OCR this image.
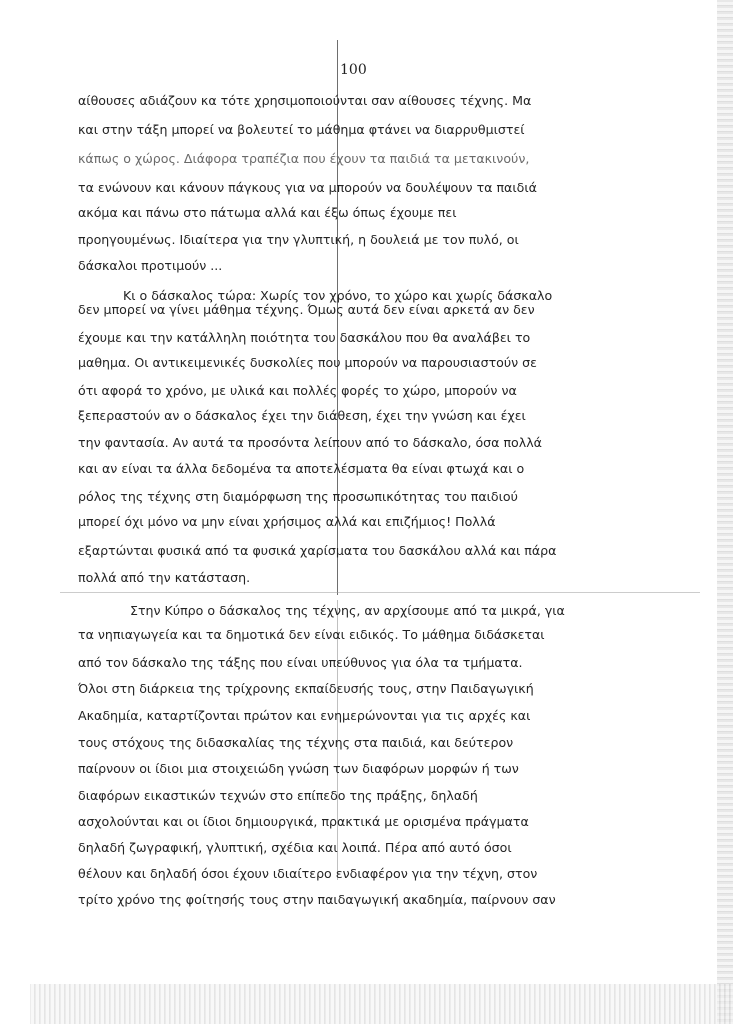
100
αίθουσες αδιάζουν κα τότε χρησιμοποιούνται σαν αίθουσες τέχνης. Μα
και στην τάξη μπορεί να βολευτεί το μάθημα φτάνει να διαρρυθμιστεί
κάπως ο χώρος. Διάφορα τραπέζια που έχουν τα παιδιά τα μετακινούν,
τα ενώνουν και κάνουν πάγκους για να μπορούν να δουλέψουν τα παιδιά
ακόμα και πάνω στο πάτωμα αλλά και έξω όπως έχουμε πει
προηγουμένως. Ιδιαίτερα για την γλυπτική, η δουλειά με τον πυλό, οι
δάσκαλοι προτιμούν ...
Κι ο δάσκαλος τώρα: Χωρίς τον χρόνο, το χώρο και χωρίς δάσκαλο
δεν μπορεί να γίνει μάθημα τέχνης. Όμως αυτά δεν είναι αρκετά αν δεν
έχουμε και την κατάλληλη ποιότητα του δασκάλου που θα αναλάβει το
μαθημα. Οι αντικειμενικές δυσκολίες που μπορούν να παρουσιαστούν σε
ότι αφορά το χρόνο, με υλικά και πολλές φορές το χώρο, μπορούν να
ξεπεραστούν αν ο δάσκαλος έχει την διάθεση, έχει την γνώση και έχει
την φαντασία. Αν αυτά τα προσόντα λείπουν από το δάσκαλο, όσα πολλά
και αν είναι τα άλλα δεδομένα τα αποτελέσματα θα είναι φτωχά και ο
ρόλος της τέχνης στη διαμόρφωση της προσωπικότητας του παιδιού
μπορεί όχι μόνο να μην είναι χρήσιμος αλλά και επιζήμιος! Πολλά
εξαρτώνται φυσικά από τα φυσικά χαρίσματα του δασκάλου αλλά και πάρα
πολλά από την κατάσταση.
Στην Κύπρο ο δάσκαλος της τέχνης, αν αρχίσουμε από τα μικρά, για
τα νηπιαγωγεία και τα δημοτικά δεν είναι ειδικός. Το μάθημα διδάσκεται
από τον δάσκαλο της τάξης που είναι υπεύθυνος για όλα τα τμήματα.
Όλοι στη διάρκεια της τρίχρονης εκπαίδευσής τους, στην Παιδαγωγική
Ακαδημία, καταρτίζονται πρώτον και ενημερώνονται για τις αρχές και
τους στόχους της διδασκαλίας της τέχνης στα παιδιά, και δεύτερον
παίρνουν οι ίδιοι μια στοιχειώδη γνώση των διαφόρων μορφών ή των
διαφόρων εικαστικών τεχνών στο επίπεδο της πράξης, δηλαδή
ασχολούνται και οι ίδιοι δημιουργικά, πρακτικά με ορισμένα πράγματα
δηλαδή ζωγραφική, γλυπτική, σχέδια και λοιπά. Πέρα από αυτό όσοι
θέλουν και δηλαδή όσοι έχουν ιδιαίτερο ενδιαφέρον για την τέχνη, στον
τρίτο χρόνο της φοίτησής τους στην παιδαγωγική ακαδημία, παίρνουν σαν
